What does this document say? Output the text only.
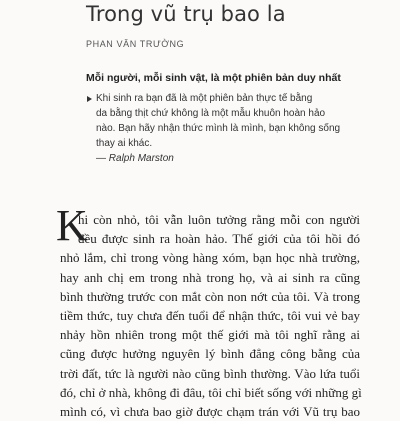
Trong vũ trụ bao la
PHAN VĂN TRƯỜNG
Mỗi người, mỗi sinh vật, là một phiên bản duy nhất
Khi sinh ra bạn đã là một phiên bản thực tế bằng
da bằng thịt chứ không là một mẫu khuôn hoàn hảo
nào. Bạn hãy nhận thức mình là mình, bạn không sống
thay ai khác.
— Ralph Marston
K
hi còn nhỏ, tôi vẫn luôn tưởng rằng mỗi con người
đều được sinh ra hoàn hảo. Thế giới của tôi hồi đó
nhỏ lắm, chỉ trong vòng hàng xóm, bạn học nhà trường,
hay anh chị em trong nhà trong họ, và ai sinh ra cũng
bình thường trước con mắt còn non nớt của tôi. Và trong
tiềm thức, tuy chưa đến tuổi để nhận thức, tôi vui vẻ bay
nhảy hồn nhiên trong một thế giới mà tôi nghĩ rằng ai
cũng được hưởng nguyên lý bình đẳng công bằng của
trời đất, tức là người nào cũng bình thường. Vào lứa tuổi
đó, chỉ ở nhà, không đi đâu, tôi chỉ biết sống với những gì
mình có, vì chưa bao giờ được chạm trán với Vũ trụ bao
